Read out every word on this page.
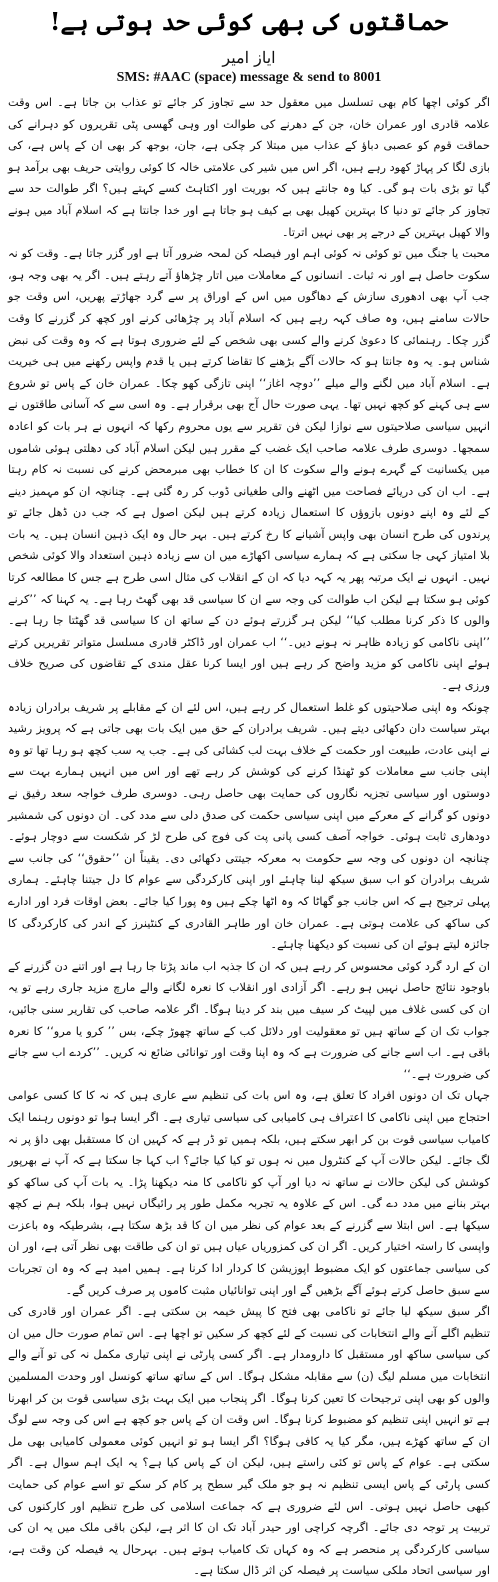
حماقتوں کی بھی کوئی حد ہوتی ہے!

ایاز امیر

SMS: #AAC (space) message & send to 8001

اگر کوئی اچھا کام بھی تسلسل میں معقول حد سے تجاوز کر جائے تو عذاب بن جاتا ہے۔ اس وقت علامہ قادری اور عمران خان، جن کے دھرنے کی طوالت اور وہی گھسی پٹی تقریروں کو دہرانے کی حماقت قوم کو عصبی دباؤ کے عذاب میں مبتلا کر چکی ہے، جان، بوجھ کر بھی ان کے پاس ہے، کی بازی لگا کر پہاڑ کھود رہے ہیں، اگر اس میں شیر کی علامتی خالہ کا کوئی روایتی حریف بھی برآمد ہو گیا تو بڑی بات ہو گی۔ کیا وہ جانتے ہیں کہ بوریت اور اکتاہٹ کسے کہتے ہیں؟ اگر طوالت حد سے تجاوز کر جائے تو دنیا کا بہترین کھیل بھی بے کیف ہو جاتا ہے اور خدا جانتا ہے کہ اسلام آباد میں ہونے والا کھیل بہترین کے درجے پر بھی نہیں اترتا۔

محبت یا جنگ میں تو کوئی نہ کوئی اہم اور فیصلہ کن لمحہ ضرور آتا ہے اور گزر جاتا ہے۔ وقت کو نہ سکوت حاصل ہے اور نہ ثبات۔ انسانوں کے معاملات میں اتار چڑھاؤ آتے رہتے ہیں۔ اگر یہ بھی وجہ ہو، جب آپ بھی ادھوری سازش کے دھاگوں میں اس کے اوراق پر سے گرد جھاڑتے پھریں، اس وقت جو حالات سامنے ہیں، وہ صاف کہہ رہے ہیں کہ اسلام آباد پر چڑھائی کرنے اور کچھ کر گزرنے کا وقت گزر چکا۔ رہنمائی کا دعویٰ کرنے والے کسی بھی شخص کے لئے ضروری ہوتا ہے کہ وہ وقت کی نبض شناس ہو۔ یہ وہ جانتا ہو کہ حالات آگے بڑھنے کا تقاضا کرتے ہیں یا قدم واپس رکھنے میں ہی خیریت ہے۔ اسلام آباد میں لگنے والے میلے ’’دوچہ اغاز‘‘ اپنی تازگی کھو چکا۔ عمران خان کے پاس تو شروع سے ہی کہنے کو کچھ نہیں تھا۔ یہی صورت حال آج بھی برقرار ہے۔ وہ اسی سے کہ آسانی طاقتوں نے انہیں سیاسی صلاحیتوں سے نوازا لیکن فن تقریر سے یوں محروم رکھا کہ انہوں نے ہر بات کو اعادہ سمجھا۔ دوسری طرف علامہ صاحب ایک غضب کے مقرر ہیں لیکن اسلام آباد کی دھلتی ہوئی شاموں میں یکسانیت کے گہرے ہونے والے سکوت کا ان کا خطاب بھی مبرمحض کرنے کی نسبت نہ کام رہتا ہے۔ اب ان کی دریائے فصاحت میں اٹھنے والی طغیانی ڈوب کر رہ گئی ہے۔ چنانچہ ان کو مہمیز دینے کے لئے وہ اپنے دونوں بازوؤں کا استعمال زیادہ کرتے ہیں لیکن اصول ہے کہ جب دن ڈھل جائے تو پرندوں کی طرح انسان بھی واپس آشیانے کا رخ کرتے ہیں۔ بہر حال وہ ایک ذہین انسان ہیں۔ یہ بات بلا امتیاز کہی جا سکتی ہے کہ ہمارے سیاسی اکھاڑے میں ان سے زیادہ ذہین استعداد والا کوئی شخص نہیں۔ انہوں نے ایک مرتبہ پھر یہ کہہ دیا کہ ان کے انقلاب کی مثال اسی طرح ہے جس کا مطالعہ کرتا کوئی ہو سکتا ہے لیکن اب طوالت کی وجہ سے ان کا سیاسی قد بھی گھٹ رہا ہے۔ یہ کہنا کہ ’’کرنے والوں کا ذکر کرنا مطلب کیا‘‘ لیکن ہر گزرتے ہوئے دن کے ساتھ ان کا سیاسی قد گھٹتا جا رہا ہے۔ ’’اپنی ناکامی کو زیادہ ظاہر نہ ہونے دیں۔‘‘ اب عمران اور ڈاکٹر قادری مسلسل متواتر تقریریں کرتے ہوئے اپنی ناکامی کو مزید واضح کر رہے ہیں اور ایسا کرنا عقل مندی کے تقاضوں کی صریح خلاف ورزی ہے۔

چونکہ وہ اپنی صلاحیتوں کو غلط استعمال کر رہے ہیں، اس لئے ان کے مقابلے پر شریف برادران زیادہ بہتر سیاست دان دکھائی دیتے ہیں۔ شریف برادران کے حق میں ایک بات بھی جاتی ہے کہ پرویز رشید نے اپنی عادت، طبیعت اور حکمت کے خلاف بہت لب کشائی کی ہے۔ جب یہ سب کچھ ہو رہا تھا تو وہ اپنی جانب سے معاملات کو ٹھنڈا کرنے کی کوشش کر رہے تھے اور اس میں انہیں ہمارے بہت سے دوستوں اور سیاسی تجزیہ نگاروں کی حمایت بھی حاصل رہی۔ دوسری طرف خواجہ سعد رفیق نے دونوں کو گرانے کے معرکے میں اپنی سیاسی حکمت کی صدق دلی سے مدد کی۔ ان دونوں کی شمشیر دودھاری ثابت ہوئی۔ خواجہ آصف کسی پانی پت کی فوج کی طرح لڑ کر شکست سے دوچار ہوئے۔ چنانچہ ان دونوں کی وجہ سے حکومت بہ معرکہ جیتتی دکھائی دی۔ یقیناً ان ’’حقوق‘‘ کی جانب سے شریف برادران کو اب سبق سیکھ لینا چاہئے اور اپنی کارکردگی سے عوام کا دل جیتنا چاہئے۔ ہماری پہلی ترجیح ہے کہ اس جانب جو گھاٹا کہ وہ اٹھا چکے ہیں وہ پورا کیا جائے۔ بعض اوقات فرد اور ادارے کی ساکھ کی علامت ہوتی ہے۔ عمران خان اور طاہر القادری کے کنٹینرز کے اندر کی کارکردگی کا جائزہ لیتے ہوئے ان کی نسبت کو دیکھنا چاہئے۔

ان کے ارد گرد کوئی محسوس کر رہے ہیں کہ ان کا جذبہ اب ماند پڑتا جا رہا ہے اور اتنے دن گزرنے کے باوجود نتائج حاصل نہیں ہو رہے۔ اگر آزادی اور انقلاب کا نعرہ لگانے والے مارچ مزید جاری رہے تو یہ ان کی کسی غلاف میں لپیٹ کر سیف میں بند کر دینا ہوگا۔ اگر علامہ صاحب کی تقاریر سنی جائیں، جواب تک ان کے ساتھ ہیں تو معقولیت اور دلائل کب کے ساتھ چھوڑ چکے، بس ’’ کرو یا مرو‘‘ کا نعرہ باقی ہے۔ اب اسے جانے کی ضرورت ہے کہ وہ اپنا وقت اور توانائی ضائع نہ کریں۔ ’’کردے اب سے جانے کی ضرورت ہے۔‘‘

جہاں تک ان دونوں افراد کا تعلق ہے، وہ اس بات کی تنظیم سے عاری ہیں کہ نہ کا کا کسی عوامی احتجاج میں اپنی ناکامی کا اعتراف ہی کامیابی کی سیاسی تیاری ہے۔ اگر ایسا ہوا تو دونوں رہنما ایک کامیاب سیاسی قوت بن کر ابھر سکتے ہیں، بلکہ ہمیں تو ڈر ہے کہ کہیں ان کا مستقبل بھی داؤ پر نہ لگ جائے۔ لیکن حالات آپ کے کنٹرول میں نہ ہوں تو کیا کیا جائے؟ اب کہا جا سکتا ہے کہ آپ نے بھرپور کوشش کی لیکن حالات نے ساتھ نہ دیا اور آپ کو ناکامی کا منہ دیکھنا پڑا۔ یہ بات آپ کی ساکھ کو بہتر بنانے میں مدد دے گی۔ اس کے علاوہ یہ تجربہ مکمل طور پر رائیگاں نہیں ہوا، بلکہ ہم نے کچھ سیکھا ہے۔ اس ابتلا سے گزرنے کے بعد عوام کی نظر میں ان کا قد بڑھ سکتا ہے، بشرطیکہ وہ باعزت واپسی کا راستہ اختیار کریں۔ اگر ان کی کمزوریاں عیاں ہیں تو ان کی طاقت بھی نظر آتی ہے، اور ان کی سیاسی جماعتوں کو ایک مضبوط اپوزیشن کا کردار ادا کرنا ہے۔ ہمیں امید ہے کہ وہ ان تجربات سے سبق حاصل کرتے ہوئے آگے بڑھیں گے اور اپنی توانائیاں مثبت کاموں پر صرف کریں گے۔

اگر سبق سیکھ لیا جائے تو ناکامی بھی فتح کا پیش خیمہ بن سکتی ہے۔ اگر عمران اور قادری کی تنظیم اگلے آنے والے انتخابات کی نسبت کے لئے کچھ کر سکیں تو اچھا ہے۔ اس تمام صورت حال میں ان کی سیاسی ساکھ اور مستقبل کا دارومدار ہے۔ اگر کسی پارٹی نے اپنی تیاری مکمل نہ کی تو آنے والے انتخابات میں مسلم لیگ (ن) سے مقابلہ مشکل ہوگا۔ اس کے ساتھ ساتھ کونسل اور وحدت المسلمین والوں کو بھی اپنی ترجیحات کا تعین کرنا ہوگا۔ اگر پنجاب میں ایک بہت بڑی سیاسی قوت بن کر ابھرنا ہے تو انہیں اپنی تنظیم کو مضبوط کرنا ہوگا۔ اس وقت ان کے پاس جو کچھ ہے اس کی وجہ سے لوگ ان کے ساتھ کھڑے ہیں، مگر کیا یہ کافی ہوگا؟ اگر ایسا ہو تو انہیں کوئی معمولی کامیابی بھی مل سکتی ہے۔ عوام کے پاس تو کئی راستے ہیں، لیکن ان کے پاس کیا ہے؟ یہ ایک اہم سوال ہے۔ اگر کسی پارٹی کے پاس ایسی تنظیم نہ ہو جو ملک گیر سطح پر کام کر سکے تو اسے عوام کی حمایت کبھی حاصل نہیں ہوتی۔ اس لئے ضروری ہے کہ جماعت اسلامی کی طرح تنظیم اور کارکنوں کی تربیت پر توجہ دی جائے۔ اگرچہ کراچی اور حیدر آباد تک ان کا اثر ہے، لیکن باقی ملک میں یہ ان کی سیاسی کارکردگی پر منحصر ہے کہ وہ کہاں تک کامیاب ہوتے ہیں۔ بہرحال یہ فیصلہ کن وقت ہے، اور سیاسی اتحاد ملکی سیاست پر فیصلہ کن اثر ڈال سکتا ہے۔
